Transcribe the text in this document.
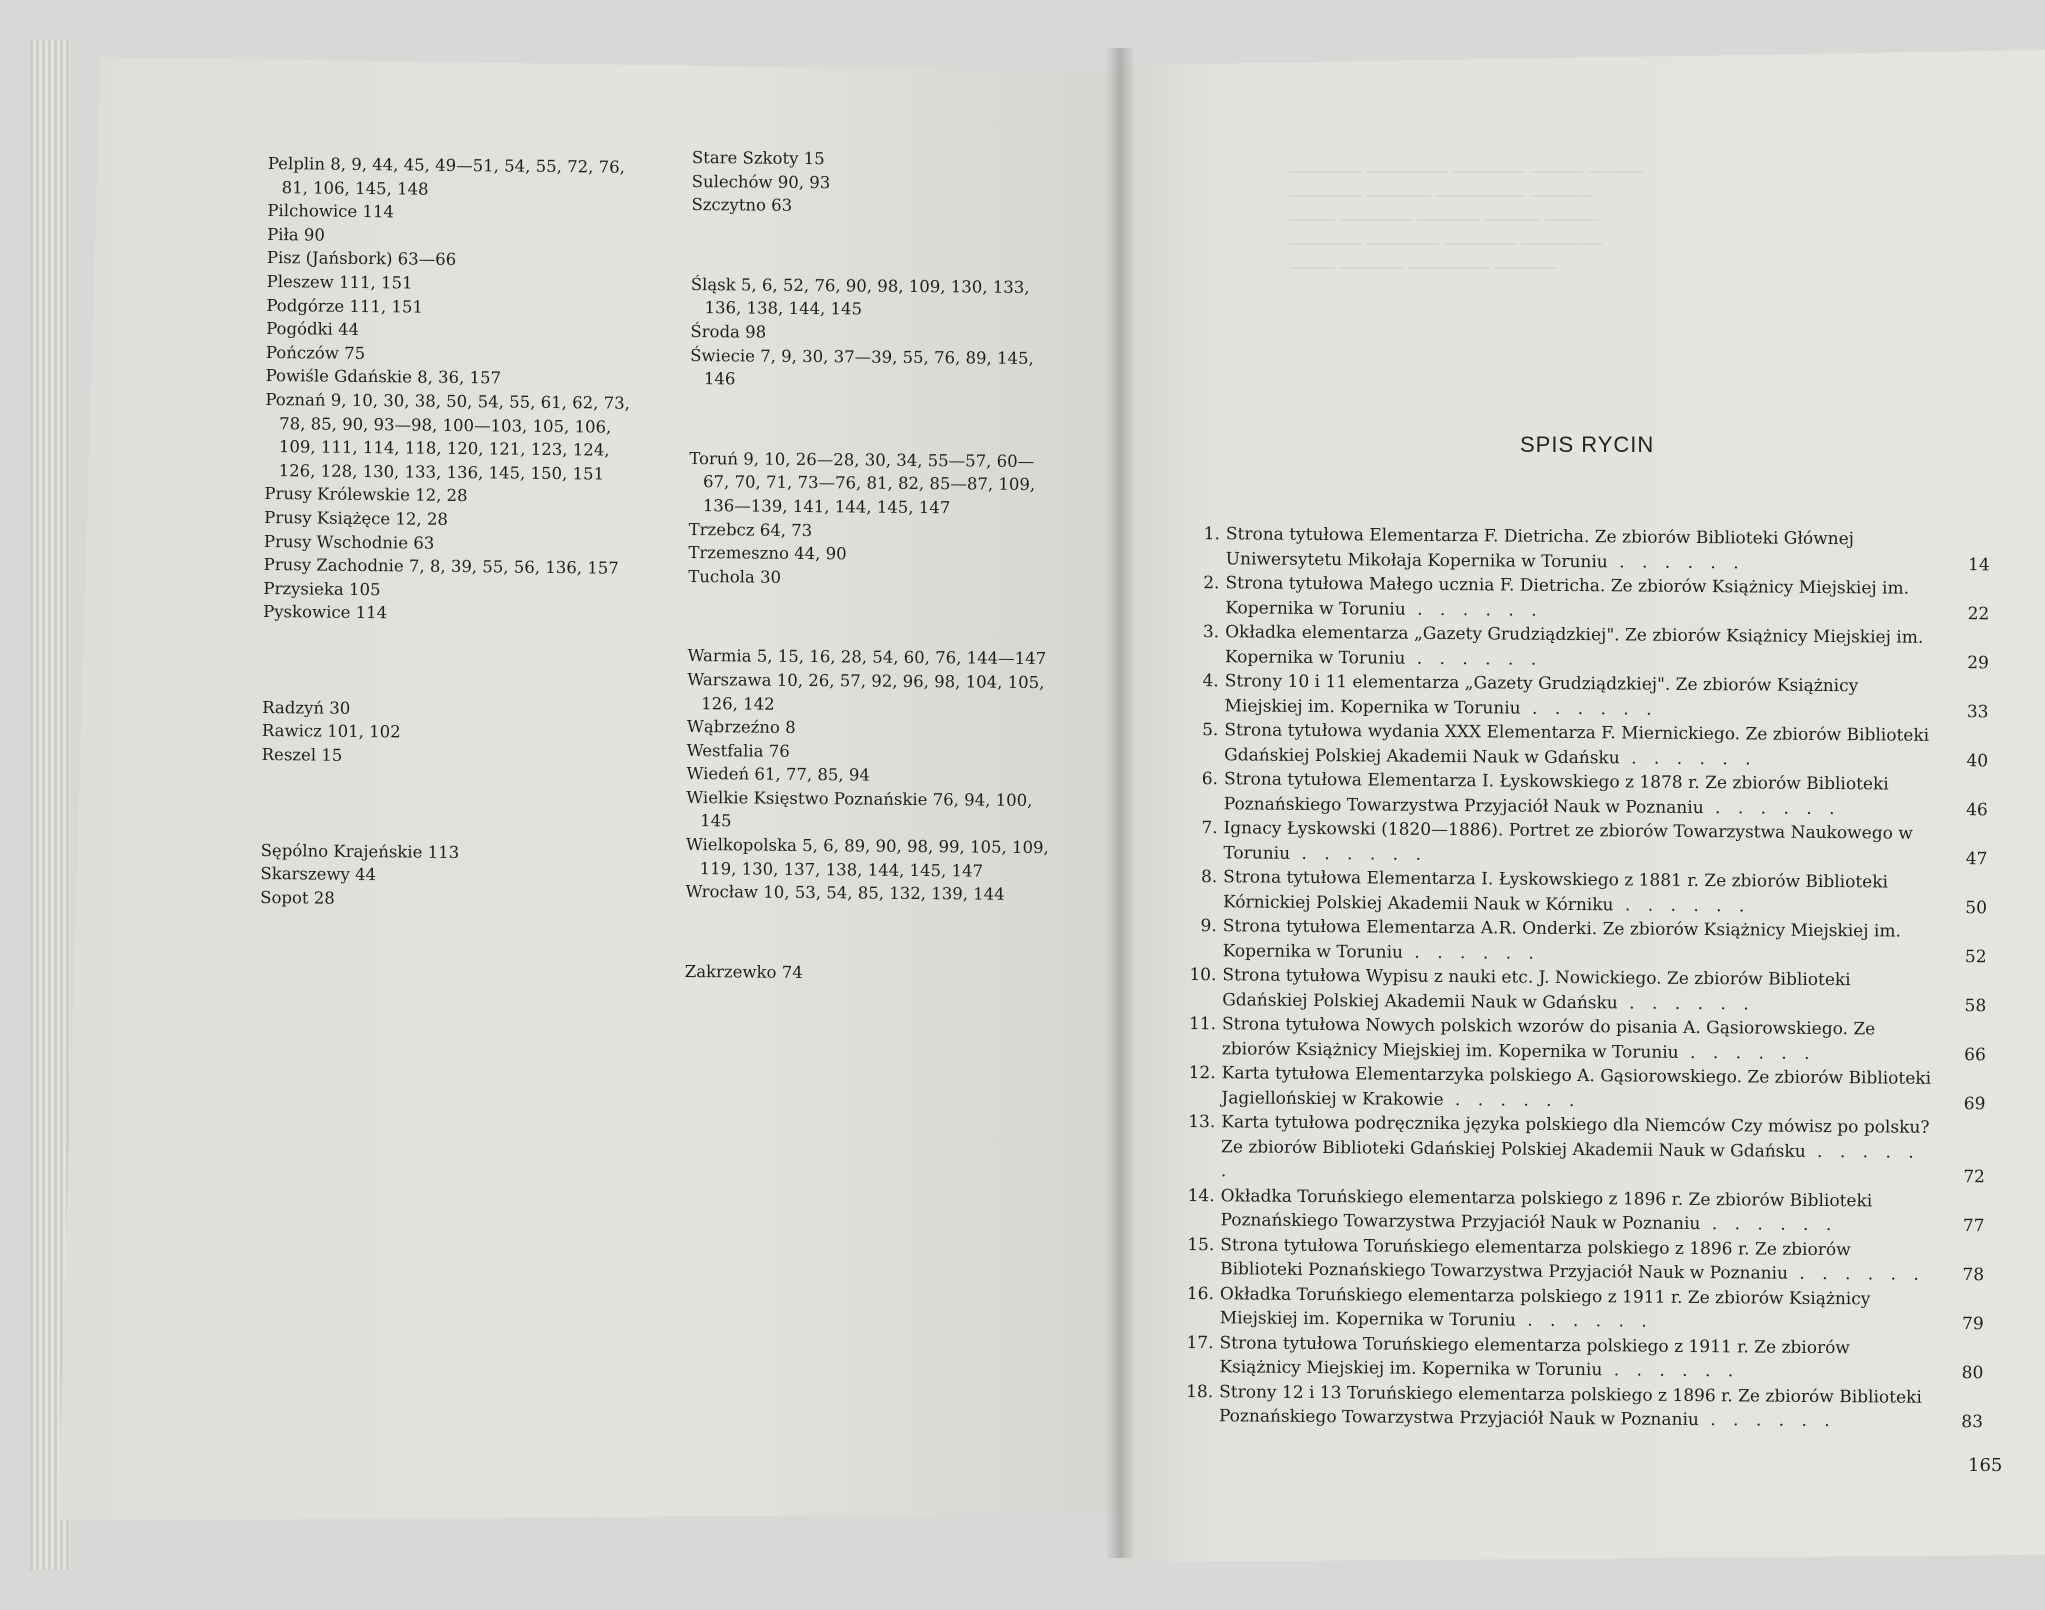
──────── ───────── ──────── ────── ──────
──────── ─────── ────────── ───────
───── ──────── ─────── ────── ──────
──────── ──────── ──────── ─────────
───── ─────── ───────── ───────

Pelplin 8, 9, 44, 45, 49—51, 54, 55, 72, 76, 81, 106, 145, 148

Pilchowice 114

Piła 90

Pisz (Jańsbork) 63—66

Pleszew 111, 151

Podgórze 111, 151

Pogódki 44

Pończów 75

Powiśle Gdańskie 8, 36, 157

Poznań 9, 10, 30, 38, 50, 54, 55, 61, 62, 73, 78, 85, 90, 93—98, 100—103, 105, 106, 109, 111, 114, 118, 120, 121, 123, 124, 126, 128, 130, 133, 136, 145, 150, 151

Prusy Królewskie 12, 28

Prusy Książęce 12, 28

Prusy Wschodnie 63

Prusy Zachodnie 7, 8, 39, 55, 56, 136, 157

Przysieka 105

Pyskowice 114

Radzyń 30

Rawicz 101, 102

Reszel 15

Sępólno Krajeńskie 113

Skarszewy 44

Sopot 28

Stare Szkoty 15

Sulechów 90, 93

Szczytno 63

Śląsk 5, 6, 52, 76, 90, 98, 109, 130, 133, 136, 138, 144, 145

Środa 98

Świecie 7, 9, 30, 37—39, 55, 76, 89, 145, 146

Toruń 9, 10, 26—28, 30, 34, 55—57, 60—67, 70, 71, 73—76, 81, 82, 85—87, 109, 136—139, 141, 144, 145, 147

Trzebcz 64, 73

Trzemeszno 44, 90

Tuchola 30

Warmia 5, 15, 16, 28, 54, 60, 76, 144—147

Warszawa 10, 26, 57, 92, 96, 98, 104, 105, 126, 142

Wąbrzeźno 8

Westfalia 76

Wiedeń 61, 77, 85, 94

Wielkie Księstwo Poznańskie 76, 94, 100, 145

Wielkopolska 5, 6, 89, 90, 98, 99, 105, 109, 119, 130, 137, 138, 144, 145, 147

Wrocław 10, 53, 54, 85, 132, 139, 144

Zakrzewko 74

SPIS RYCIN
1. Strona tytułowa Elementarza F. Dietricha. Ze zbiorów Biblioteki Głównej Uniwersytetu Mikołaja Kopernika w Toruniu . . . . . .	14
2. Strona tytułowa Małego ucznia F. Dietricha. Ze zbiorów Książnicy Miejskiej im. Kopernika w Toruniu . . . . . .	22
3. Okładka elementarza „Gazety Grudziądzkiej". Ze zbiorów Książnicy Miejskiej im. Kopernika w Toruniu . . . . . .	29
4. Strony 10 i 11 elementarza „Gazety Grudziądzkiej". Ze zbiorów Książnicy Miejskiej im. Kopernika w Toruniu . . . . . .	33
5. Strona tytułowa wydania XXX Elementarza F. Miernickiego. Ze zbiorów Biblioteki Gdańskiej Polskiej Akademii Nauk w Gdańsku . . . . . .	40
6. Strona tytułowa Elementarza I. Łyskowskiego z 1878 r. Ze zbiorów Biblioteki Poznańskiego Towarzystwa Przyjaciół Nauk w Poznaniu . . . . . .	46
7. Ignacy Łyskowski (1820—1886). Portret ze zbiorów Towarzystwa Naukowego w Toruniu . . . . . .	47
8. Strona tytułowa Elementarza I. Łyskowskiego z 1881 r. Ze zbiorów Biblioteki Kórnickiej Polskiej Akademii Nauk w Kórniku . . . . . .	50
9. Strona tytułowa Elementarza A.R. Onderki. Ze zbiorów Książnicy Miejskiej im. Kopernika w Toruniu . . . . . .	52
10. Strona tytułowa Wypisu z nauki etc. J. Nowickiego. Ze zbiorów Biblioteki Gdańskiej Polskiej Akademii Nauk w Gdańsku . . . . . .	58
11. Strona tytułowa Nowych polskich wzorów do pisania A. Gąsiorowskiego. Ze zbiorów Książnicy Miejskiej im. Kopernika w Toruniu . . . . . .	66
12. Karta tytułowa Elementarzyka polskiego A. Gąsiorowskiego. Ze zbiorów Biblioteki Jagiellońskiej w Krakowie . . . . . .	69
13. Karta tytułowa podręcznika języka polskiego dla Niemców Czy mówisz po polsku? Ze zbiorów Biblioteki Gdańskiej Polskiej Akademii Nauk w Gdańsku . . . . . .	72
14. Okładka Toruńskiego elementarza polskiego z 1896 r. Ze zbiorów Biblioteki Poznańskiego Towarzystwa Przyjaciół Nauk w Poznaniu . . . . . .	77
15. Strona tytułowa Toruńskiego elementarza polskiego z 1896 r. Ze zbiorów Biblioteki Poznańskiego Towarzystwa Przyjaciół Nauk w Poznaniu . . . . . .	78
16. Okładka Toruńskiego elementarza polskiego z 1911 r. Ze zbiorów Książnicy Miejskiej im. Kopernika w Toruniu . . . . . .	79
17. Strona tytułowa Toruńskiego elementarza polskiego z 1911 r. Ze zbiorów Książnicy Miejskiej im. Kopernika w Toruniu . . . . . .	80
18. Strony 12 i 13 Toruńskiego elementarza polskiego z 1896 r. Ze zbiorów Biblioteki Poznańskiego Towarzystwa Przyjaciół Nauk w Poznaniu . . . . . .	83
165
